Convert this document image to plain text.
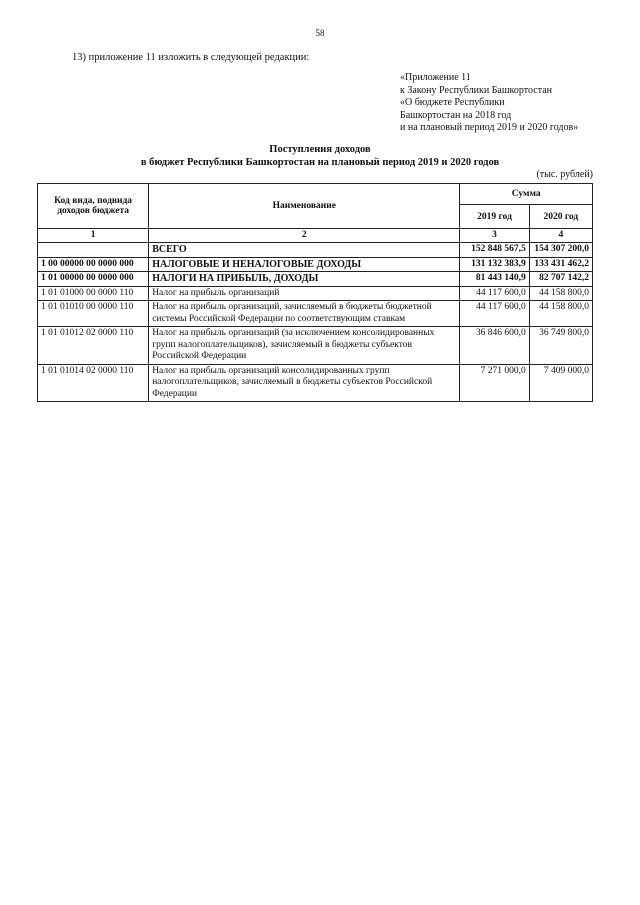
58
13) приложение 11 изложить в следующей редакции:
«Приложение 11
к Закону Республики Башкортостан
«О бюджете Республики
Башкортостан на 2018 год
и на плановый период 2019 и 2020 годов»
Поступления доходов
в бюджет Республики Башкортостан на плановый период 2019 и 2020 годов
(тыс. рублей)
Код вида, подвида доходов бюджета	Наименование	Сумма	
		2019 год	2020 год
1	2	3	4
	ВСЕГО	152 848 567,5	154 307 200,0
1 00 00000 00 0000 000	НАЛОГОВЫЕ И НЕНАЛОГОВЫЕ ДОХОДЫ	131 132 383,9	133 431 462,2
1 01 00000 00 0000 000	НАЛОГИ НА ПРИБЫЛЬ, ДОХОДЫ	81 443 140,9	82 707 142,2
1 01 01000 00 0000 110	Налог на прибыль организаций	44 117 600,0	44 158 800,0
1 01 01010 00 0000 110	Налог на прибыль организаций, зачисляемый в бюджеты бюджетной системы Российской Федерации по соответствующим ставкам	44 117 600,0	44 158 800,0
1 01 01012 02 0000 110	Налог на прибыль организаций (за исключением консолидированных групп налогоплательщиков), зачисляемый в бюджеты субъектов Российской Федерации	36 846 600,0	36 749 800,0
1 01 01014 02 0000 110	Налог на прибыль организаций консолидированных групп налогоплательщиков, зачисляемый в бюджеты субъектов Российской Федерации	7 271 000,0	7 409 000,0
